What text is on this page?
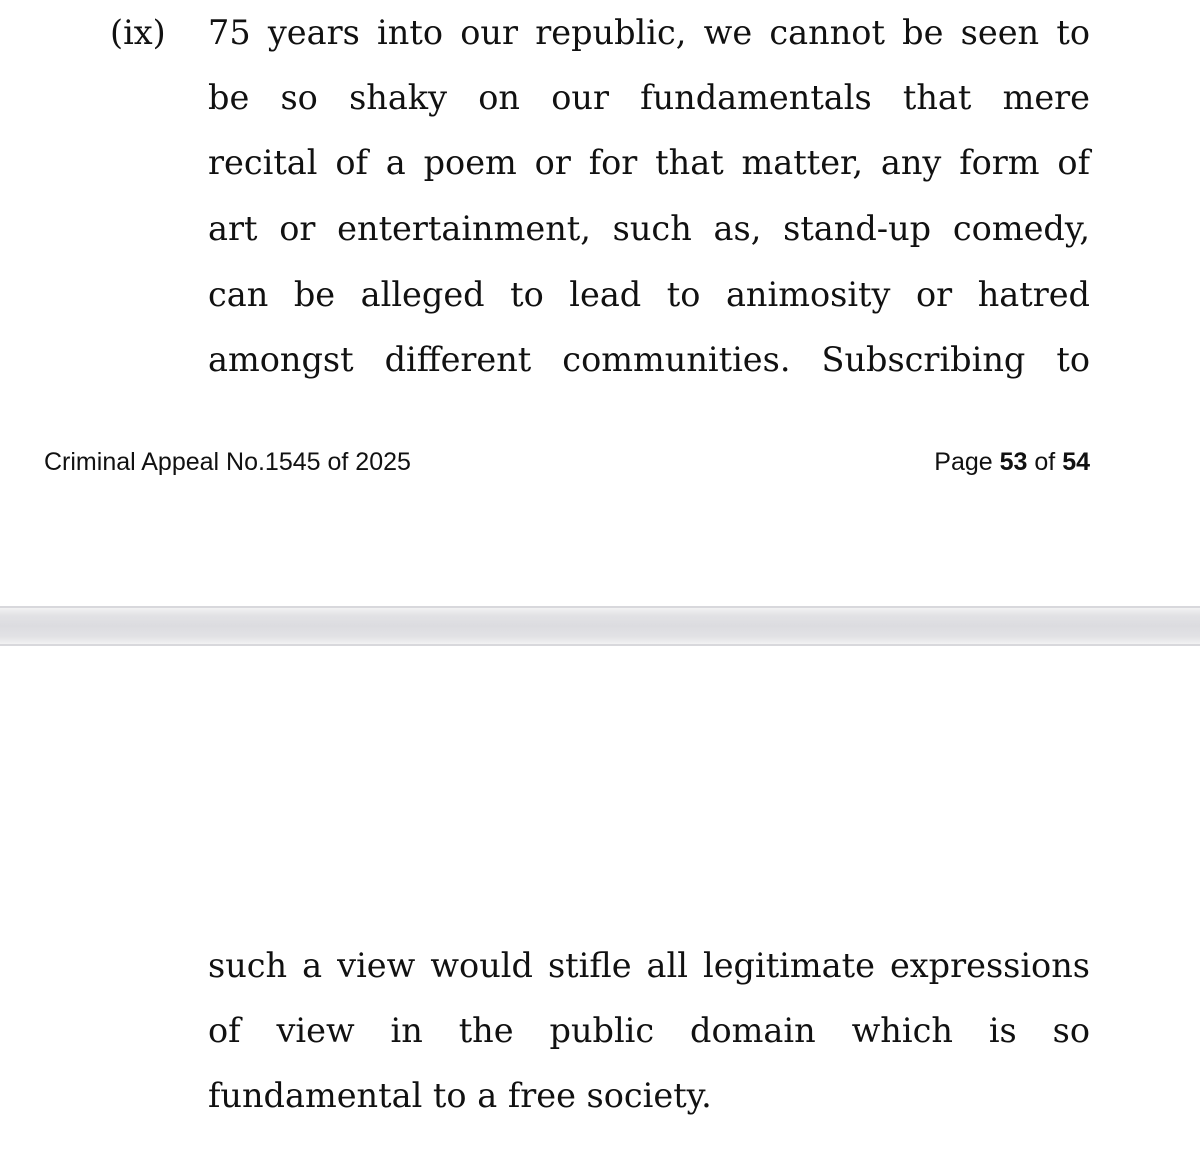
(ix) 75 years into our republic, we cannot be seen to
be so shaky on our fundamentals that mere
recital of a poem or for that matter, any form of
art or entertainment, such as, stand-up comedy,
can be alleged to lead to animosity or hatred
amongst different communities. Subscribing to
Criminal Appeal No.1545 of 2025	Page 53 of 54
such a view would stifle all legitimate expressions
of view in the public domain which is so
fundamental to a free society.
